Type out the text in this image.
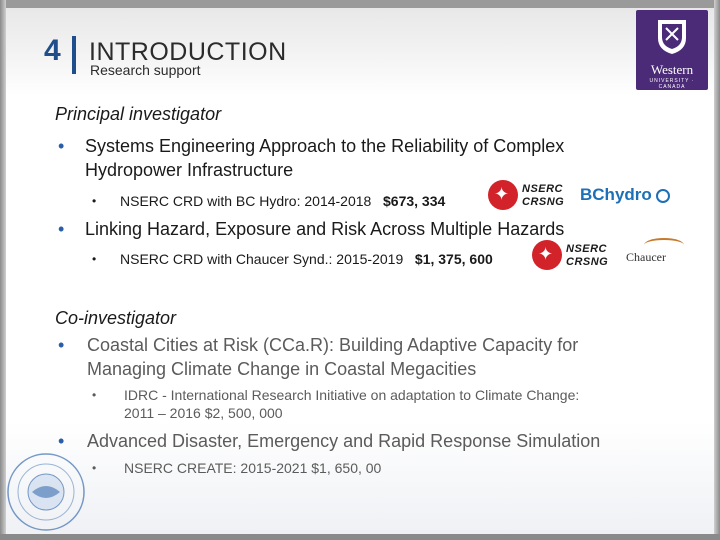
4 INTRODUCTION
Research support	Western
UNIVERSITY · CANADA
Principal investigator
• Systems Engineering Approach to the Reliability of Complex Hydropower Infrastructure
• NSERC CRD with BC Hydro: 2014-2018 $673, 334	✦ NSERC
CRSNG BChydro
• Linking Hazard, Exposure and Risk Across Multiple Hazards
• NSERC CRD with Chaucer Synd.: 2015-2019 $1, 375, 600	✦ NSERC
CRSNG Chaucer
Co-investigator
• Coastal Cities at Risk (CCa.R): Building Adaptive Capacity for Managing Climate Change in Coastal Megacities
• IDRC - International Research Initiative on adaptation to Climate Change: 2011 – 2016 $2, 500, 000
• Advanced Disaster, Emergency and Rapid Response Simulation
• NSERC CREATE: 2015-2021 $1, 650, 00
